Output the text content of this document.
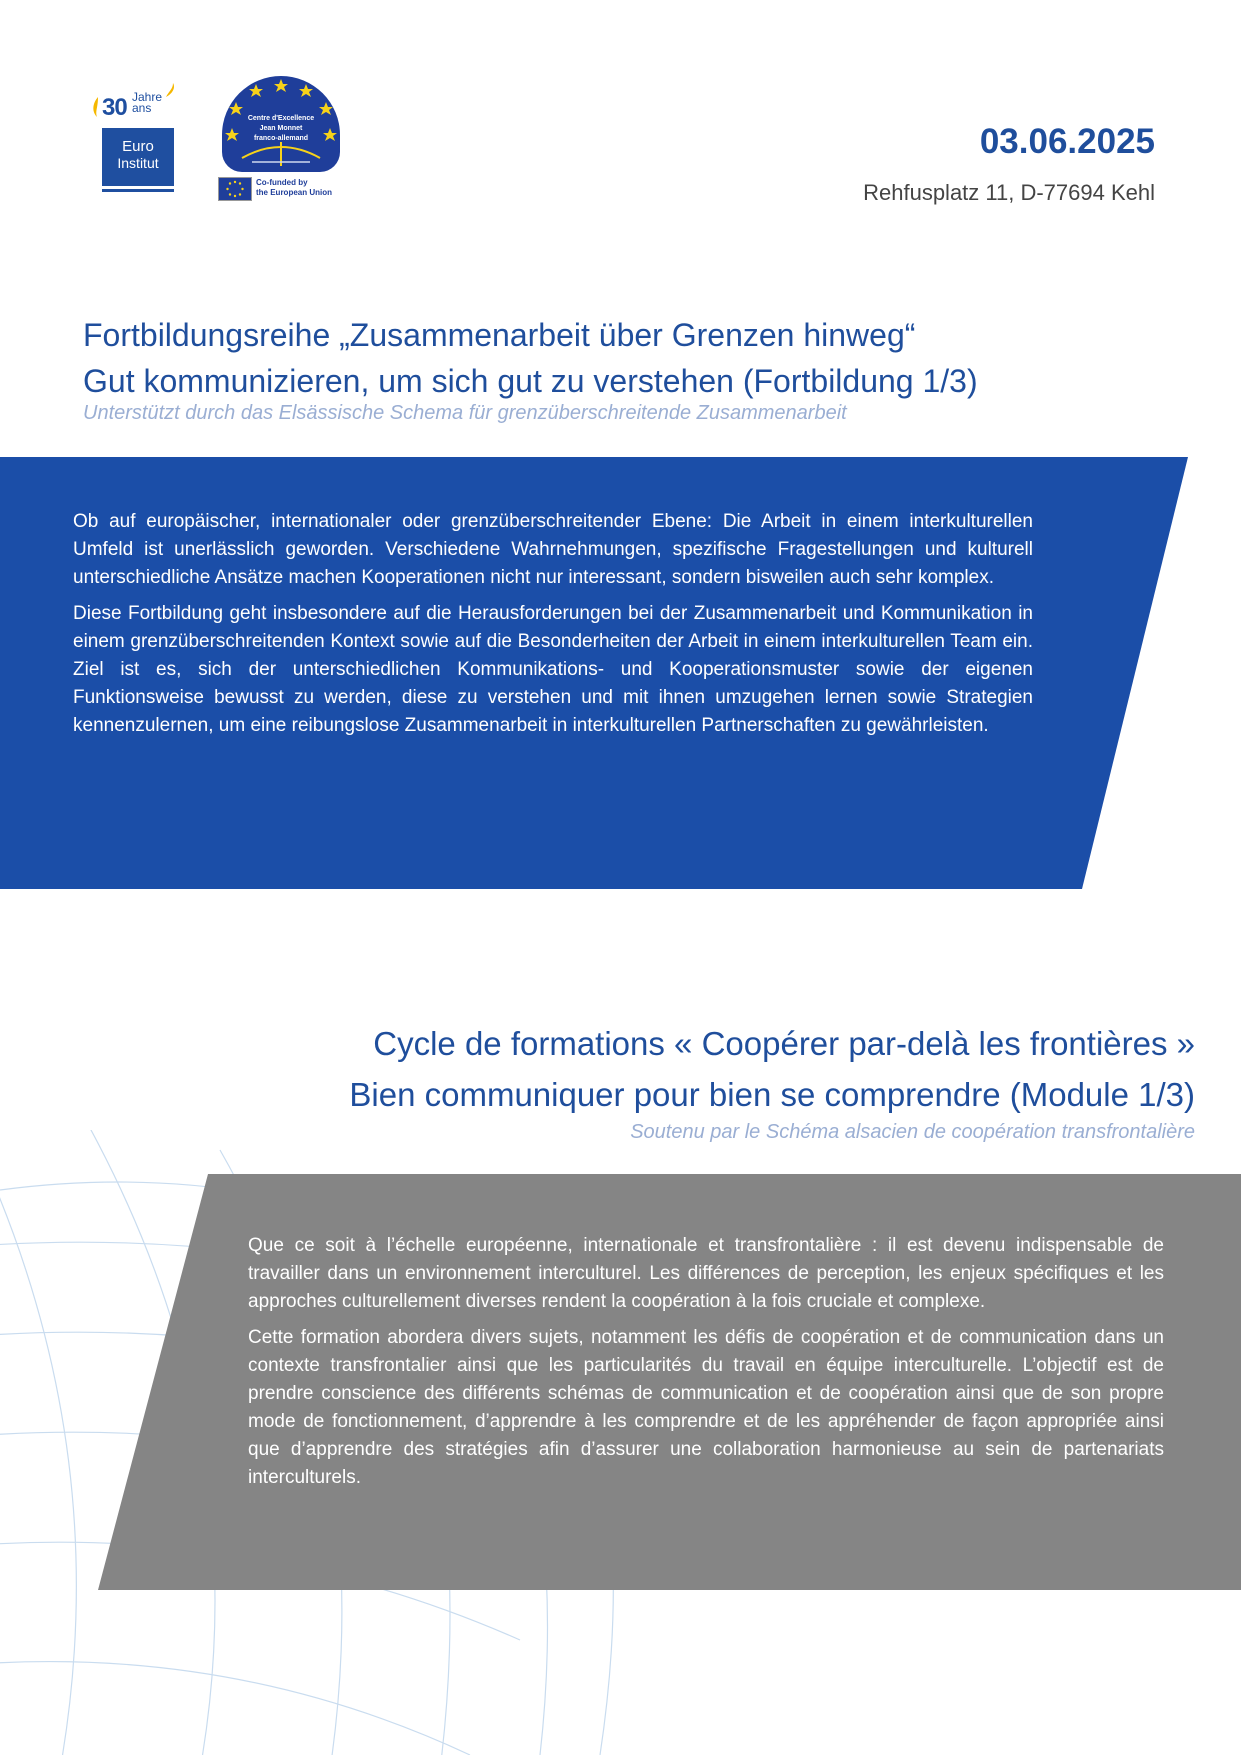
30 Jahre
ans
Euro
Institut
Centre d'Excellence
Jean Monnet
franco-allemand
Co-funded by
the European Union
03.06.2025
Rehfusplatz 11, D-77694 Kehl
Fortbildungsreihe „Zusammenarbeit über Grenzen hinweg“
Gut kommunizieren, um sich gut zu verstehen (Fortbildung 1/3)
Unterstützt durch das Elsässische Schema für grenzüberschreitende Zusammenarbeit

Ob auf europäischer, internationaler oder grenzüberschreitender Ebene: Die Arbeit in einem interkulturellen Umfeld ist unerlässlich geworden. Verschiedene Wahrnehmungen, spezifische Fragestellungen und kulturell unterschiedliche Ansätze machen Kooperationen nicht nur interessant, sondern bisweilen auch sehr komplex.

Diese Fortbildung geht insbesondere auf die Herausforderungen bei der Zusammenarbeit und Kommunikation in einem grenzüberschreitenden Kontext sowie auf die Besonderheiten der Arbeit in einem interkulturellen Team ein. Ziel ist es, sich der unterschiedlichen Kommunikations- und Kooperationsmuster sowie der eigenen Funktionsweise bewusst zu werden, diese zu verstehen und mit ihnen umzugehen lernen sowie Strategien kennenzulernen, um eine reibungslose Zusammenarbeit in interkulturellen Partnerschaften zu gewährleisten.

Cycle de formations « Coopérer par-delà les frontières »
Bien communiquer pour bien se comprendre (Module 1/3)
Soutenu par le Schéma alsacien de coopération transfrontalière

Que ce soit à l’échelle européenne, internationale et transfrontalière : il est devenu indispensable de travailler dans un environnement interculturel. Les différences de perception, les enjeux spécifiques et les approches culturellement diverses rendent la coopération à la fois cruciale et complexe.

Cette formation abordera divers sujets, notamment les défis de coopération et de communication dans un contexte transfrontalier ainsi que les particularités du travail en équipe interculturelle. L’objectif est de prendre conscience des différents schémas de communication et de coopération ainsi que de son propre mode de fonctionnement, d’apprendre à les comprendre et de les appréhender de façon appropriée ainsi que d’apprendre des stratégies afin d’assurer une collaboration harmonieuse au sein de partenariats interculturels.
